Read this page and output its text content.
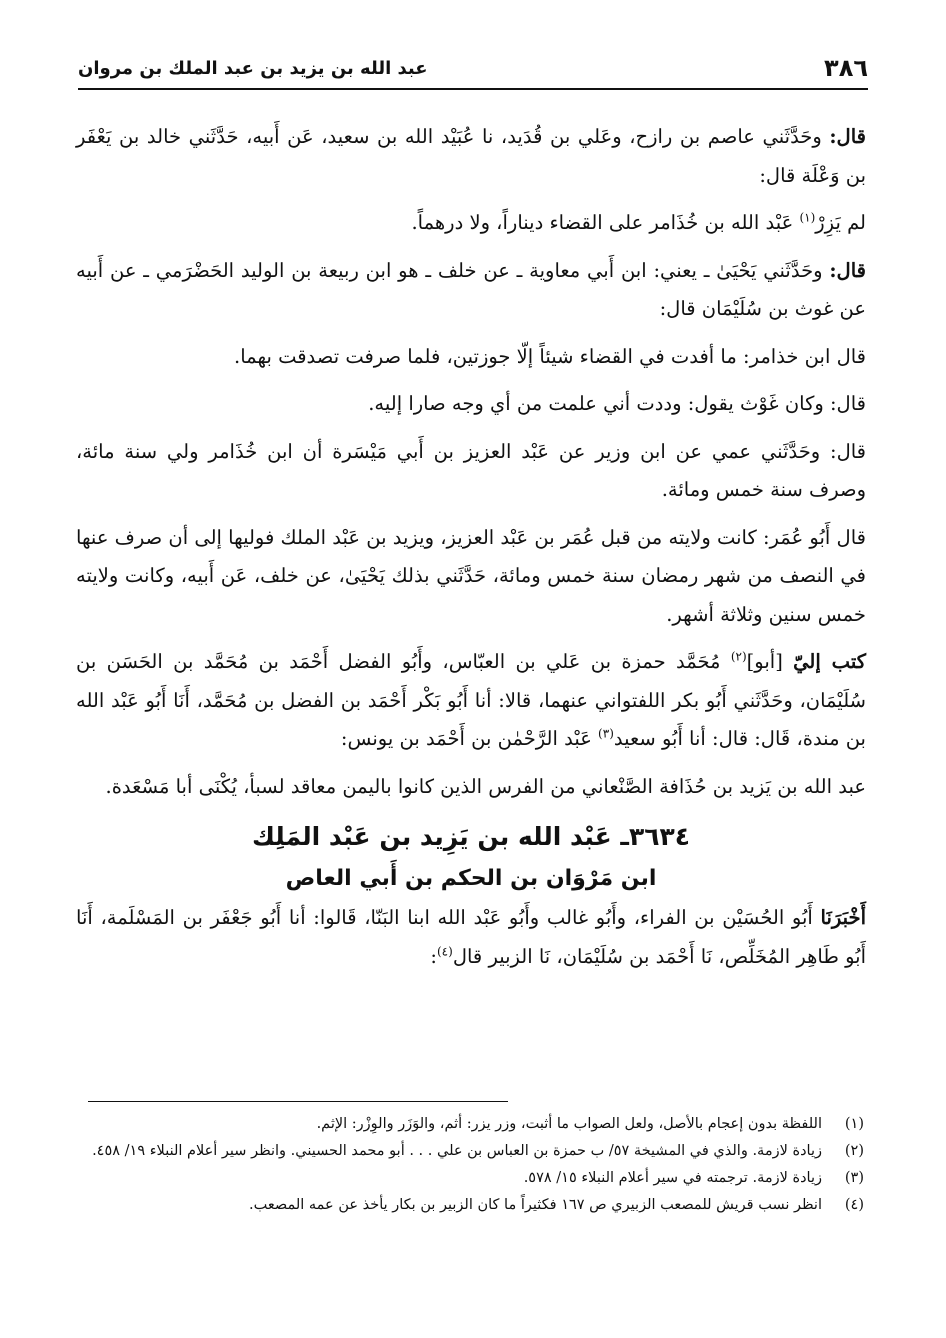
٣٨٦
عبد الله بن يزيد بن عبد الملك بن مروان

قال: وحَدَّثَني عاصم بن رازح، وعَلي بن قُدَيد، نا عُبَيْد الله بن سعيد، عَن أَبيه، حَدَّثَني خالد بن يَعْفَر بن وَعْلَة قال:

لم يَزِرْ$^{(١)}$ عَبْد الله بن خُذَامر على القضاء ديناراً، ولا درهماً.

قال: وحَدَّثَني يَحْيَىٰ ـ يعني: ابن أَبي معاوية ـ عن خلف ـ هو ابن ربيعة بن الوليد الحَضْرَمي ـ عن أَبيه عن غوث بن سُلَيْمَان قال:

قال ابن خذامر: ما أفدت في القضاء شيئاً إلّا جوزتين، فلما صرفت تصدقت بهما.

قال: وكان غَوْث يقول: وددت أني علمت من أي وجه صارا إليه.

قال: وحَدَّثَني عمي عن ابن وزير عن عَبْد العزيز بن أَبي مَيْسَرة أن ابن خُذَامر ولي سنة مائة، وصرف سنة خمس ومائة.

قال أَبُو عُمَر: كانت ولايته من قبل عُمَر بن عَبْد العزيز، ويزيد بن عَبْد الملك فوليها إلى أن صرف عنها في النصف من شهر رمضان سنة خمس ومائة، حَدَّثَني بذلك يَحْيَىٰ، عن خلف، عَن أَبيه، وكانت ولايته خمس سنين وثلاثة أشهر.

كتب إليّ [أبو]$^{(٢)}$ مُحَمَّد حمزة بن عَلي بن العبّاس، وأَبُو الفضل أَحْمَد بن مُحَمَّد بن الحَسَن بن سُلَيْمَان، وحَدَّثَني أَبُو بكر اللفتواني عنهما، قالا: أنا أَبُو بَكْر أَحْمَد بن الفضل بن مُحَمَّد، أَنَا أَبُو عَبْد الله بن مندة، قَال: قال: أنا أَبُو سعيد$^{(٣)}$ عَبْد الرَّحْمٰن بن أَحْمَد بن يونس:

عبد الله بن يَزيد بن حُذَافة الصَّنْعاني من الفرس الذين كانوا باليمن معاقد لسبأ، يُكْنَى أبا مَسْعَدة.

٣٦٣٤ـ عَبْد الله بن يَزِيد بن عَبْد المَلِك
ابن مَرْوَان بن الحكم بن أَبي العاص

أَخْبَرَنَا أَبُو الحُسَيْن بن الفراء، وأَبُو غالب وأَبُو عَبْد الله ابنا البَنّا، قَالوا: أنا أَبُو جَعْفَر بن المَسْلَمة، أَنَا أَبُو طَاهِر المُخَلِّص، نَا أَحْمَد بن سُلَيْمَان، نَا الزبير قال$^{(٤)}$:

(١)
اللفظة بدون إعجام بالأصل، ولعل الصواب ما أثبت، وزر يزر: أثم، والوَزَر والوِزْر: الإثم.
(٢)
زيادة لازمة. والذي في المشيخة ٥٧/ ب حمزة بن العباس بن علي . . . أبو محمد الحسيني. وانظر سير أعلام النبلاء ١٩/ ٤٥٨.
(٣)
زيادة لازمة. ترجمته في سير أعلام النبلاء ١٥/ ٥٧٨.
(٤)
انظر نسب قريش للمصعب الزبيري ص ١٦٧ فكثيراً ما كان الزبير بن بكار يأخذ عن عمه المصعب.
